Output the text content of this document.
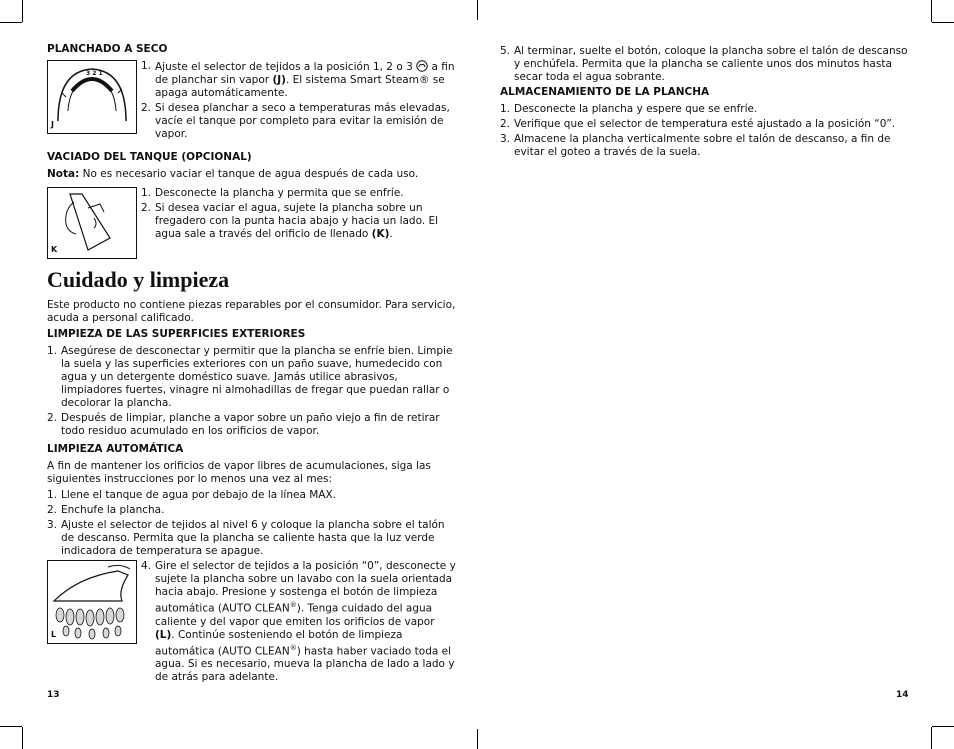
PLANCHADO A SECO
3 2 1
J
1. Ajuste el selector de tejidos a la posición 1, 2 o 3  a fin de planchar sin vapor (J). El sistema Smart Steam® se apaga automáticamente.
2. Si desea planchar a seco a temperaturas más elevadas, vacíe el tanque por completo para evitar la emisión de vapor.
VACIADO DEL TANQUE (OPCIONAL)

Nota: No es necesario vaciar el tanque de agua después de cada uso.

K
1. Desconecte la plancha y permita que se enfríe.
2. Si desea vaciar el agua, sujete la plancha sobre un fregadero con la punta hacia abajo y hacia un lado. El agua sale a través del orificio de llenado (K).
Cuidado y limpieza

Este producto no contiene piezas reparables por el consumidor. Para servicio, acuda a personal calificado.

LIMPIEZA DE LAS SUPERFICIES EXTERIORES
1. Asegúrese de desconectar y permitir que la plancha se enfríe bien. Limpie la suela y las superficies exteriores con un paño suave, humedecido con agua y un detergente doméstico suave. Jamás utilice abrasivos, limpiadores fuertes, vinagre ni almohadillas de fregar que puedan rallar o decolorar la plancha.
2. Después de limpiar, planche a vapor sobre un paño viejo a fin de retirar todo residuo acumulado en los orificios de vapor.
LIMPIEZA AUTOMÁTICA

A fin de mantener los orificios de vapor libres de acumulaciones, siga las siguientes instrucciones por lo menos una vez al mes:

1. Llene el tanque de agua por debajo de la línea MAX.
2. Enchufe la plancha.
3. Ajuste el selector de tejidos al nivel 6 y coloque la plancha sobre el talón de descanso. Permita que la plancha se caliente hasta que la luz verde indicadora de temperatura se apague.
L
4. Gire el selector de tejidos a la posición “0”, desconecte y sujete la plancha sobre un lavabo con la suela orientada hacia abajo. Presione y sostenga el botón de limpieza automática (AUTO CLEAN®). Tenga cuidado del agua caliente y del vapor que emiten los orificios de vapor (L). Continúe sosteniendo el botón de limpieza automática (AUTO CLEAN®) hasta haber vaciado toda el agua. Si es necesario, mueva la plancha de lado a lado y de atrás para adelante.
13
5. Al terminar, suelte el botón, coloque la plancha sobre el talón de descanso y enchúfela. Permita que la plancha se caliente unos dos minutos hasta secar toda el agua sobrante.
ALMACENAMIENTO DE LA PLANCHA
1. Desconecte la plancha y espere que se enfríe.
2. Verifique que el selector de temperatura esté ajustado a la posición “0”.
3. Almacene la plancha verticalmente sobre el talón de descanso, a fin de evitar el goteo a través de la suela.
14
